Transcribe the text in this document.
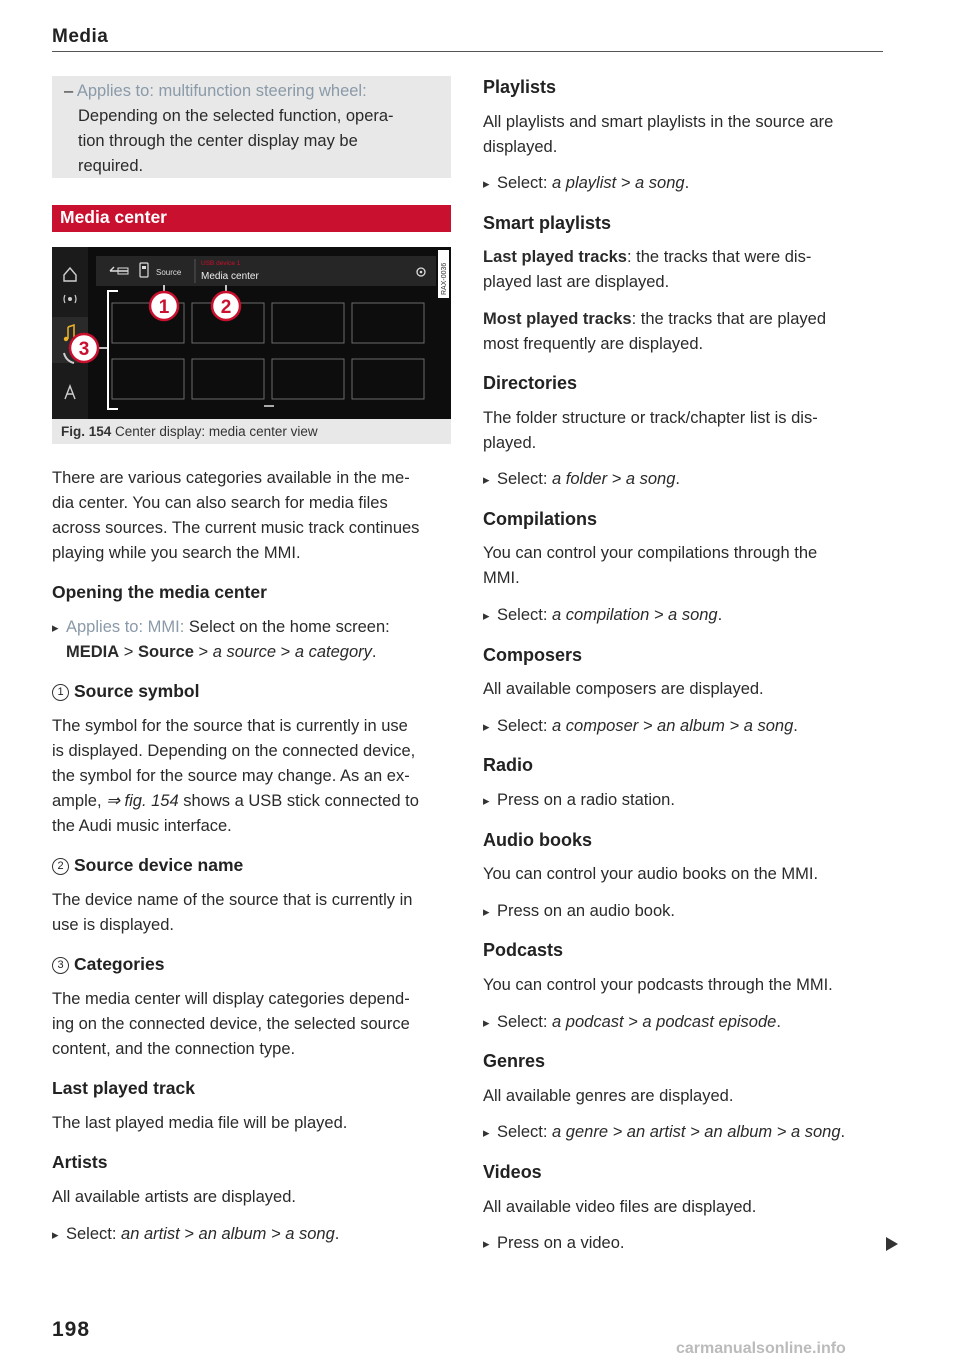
Media
– Applies to: multifunction steering wheel:
Depending on the selected function, opera-
tion through the center display may be
required.
Media center
Source
USB device 1
Media center	RAX-0036
1	2
3
Fig. 154 Center display: media center view
There are various categories available in the me-
dia center. You can also search for media files
across sources. The current music track continues
playing while you search the MMI.
Opening the media center
▸ Applies to: MMI: Select on the home screen:
MEDIA > Source > a source > a category.
1 Source symbol
The symbol for the source that is currently in use
is displayed. Depending on the connected device,
the symbol for the source may change. As an ex-
ample, ⇒ fig. 154 shows a USB stick connected to
the Audi music interface.
2 Source device name
The device name of the source that is currently in
use is displayed.
3 Categories
The media center will display categories depend-
ing on the connected device, the selected source
content, and the connection type.
Last played track
The last played media file will be played.
Artists
All available artists are displayed.
▸ Select: an artist > an album > a song.
Playlists
All playlists and smart playlists in the source are
displayed.
▸ Select: a playlist > a song.
Smart playlists
Last played tracks: the tracks that were dis-
played last are displayed.
Most played tracks: the tracks that are played
most frequently are displayed.
Directories
The folder structure or track/chapter list is dis-
played.
▸ Select: a folder > a song.
Compilations
You can control your compilations through the
MMI.
▸ Select: a compilation > a song.
Composers
All available composers are displayed.
▸ Select: a composer > an album > a song.
Radio
▸ Press on a radio station.
Audio books
You can control your audio books on the MMI.
▸ Press on an audio book.
Podcasts
You can control your podcasts through the MMI.
▸ Select: a podcast > a podcast episode.
Genres
All available genres are displayed.
▸ Select: a genre > an artist > an album > a song.
Videos
All available video files are displayed.
▸ Press on a video.
198
carmanualsonline.info
